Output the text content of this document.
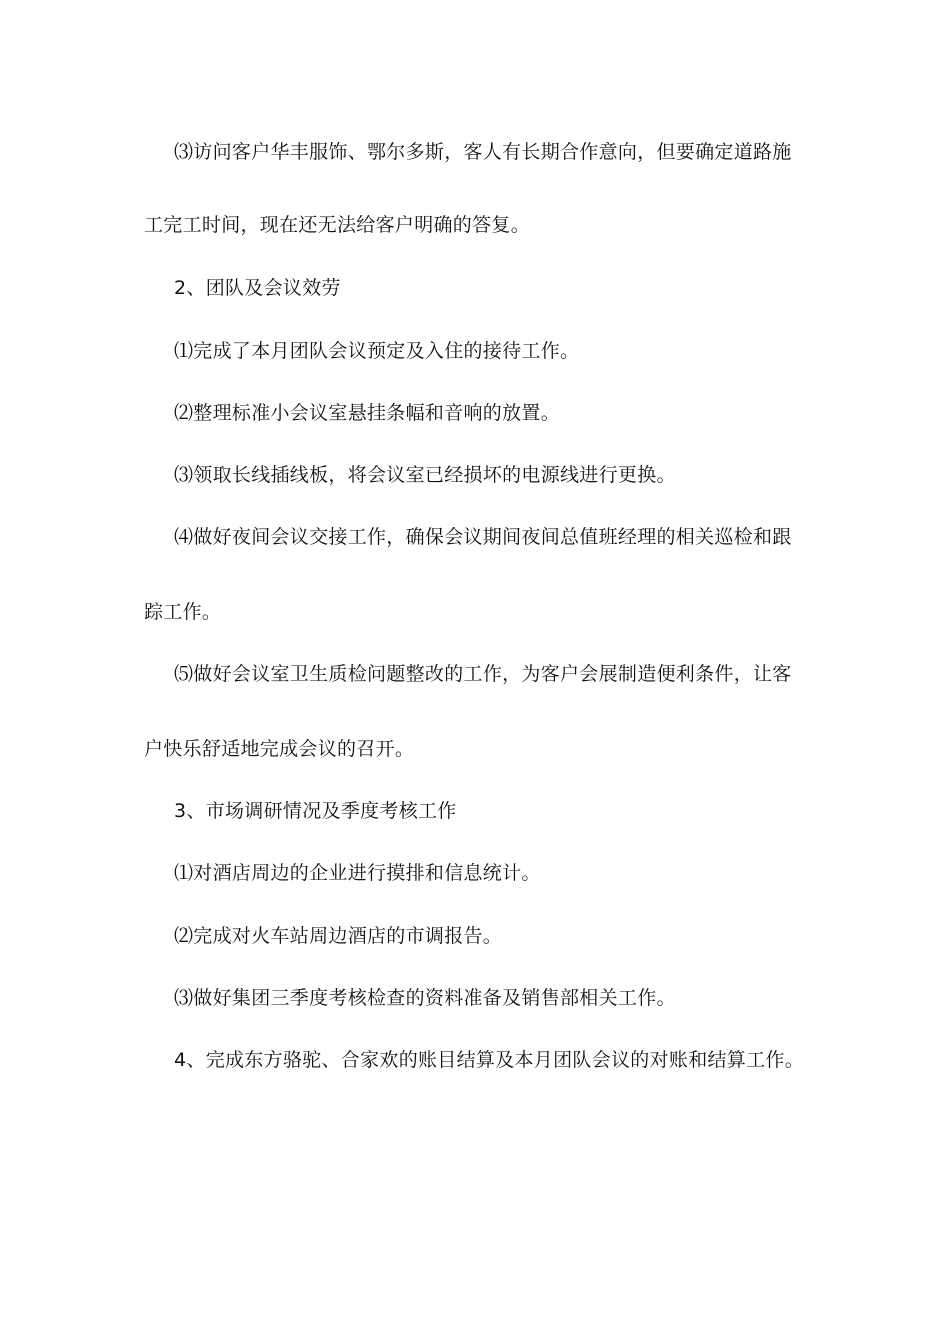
⑶访问客户华丰服饰、鄂尔多斯，客人有长期合作意向，但要确定道路施
工完工时间，现在还无法给客户明确的答复。
2、团队及会议效劳
⑴完成了本月团队会议预定及入住的接待工作。
⑵整理标准小会议室悬挂条幅和音响的放置。
⑶领取长线插线板，将会议室已经损坏的电源线进行更换。
⑷做好夜间会议交接工作，确保会议期间夜间总值班经理的相关巡检和跟
踪工作。
⑸做好会议室卫生质检问题整改的工作，为客户会展制造便利条件，让客
户快乐舒适地完成会议的召开。
3、市场调研情况及季度考核工作
⑴对酒店周边的企业进行摸排和信息统计。
⑵完成对火车站周边酒店的市调报告。
⑶做好集团三季度考核检查的资料准备及销售部相关工作。
4、完成东方骆驼、合家欢的账目结算及本月团队会议的对账和结算工作。
